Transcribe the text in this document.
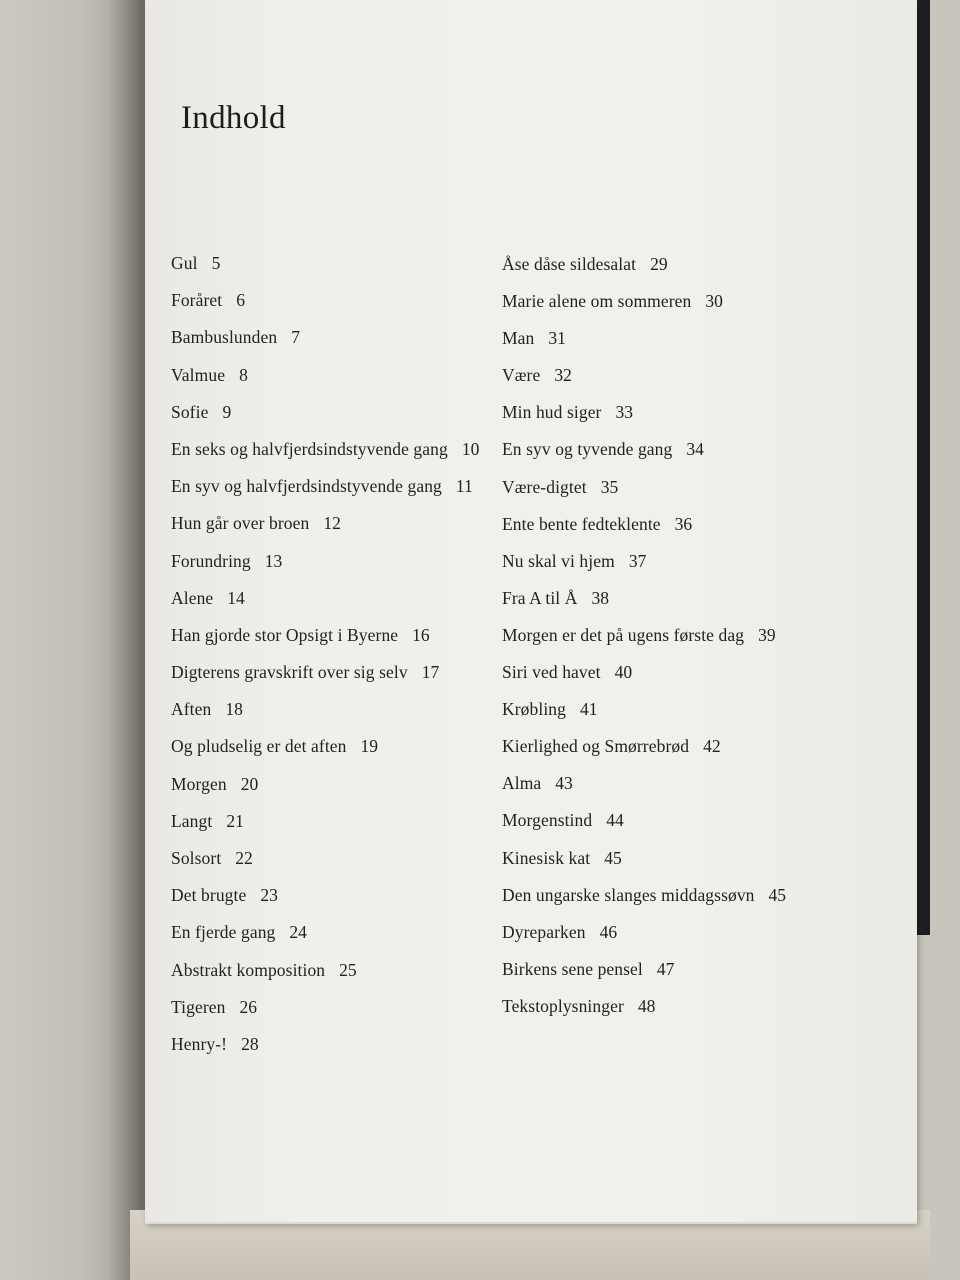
Indhold
Gul 5
Foråret 6
Bambuslunden 7
Valmue 8
Sofie 9
En seks og halvfjerdsindstyvende gang 10
En syv og halvfjerdsindstyvende gang 11
Hun går over broen 12
Forundring 13
Alene 14
Han gjorde stor Opsigt i Byerne 16
Digterens gravskrift over sig selv 17
Aften 18
Og pludselig er det aften 19
Morgen 20
Langt 21
Solsort 22
Det brugte 23
En fjerde gang 24
Abstrakt komposition 25
Tigeren 26
Henry-! 28
Åse dåse sildesalat 29
Marie alene om sommeren 30
Man 31
Være 32
Min hud siger 33
En syv og tyvende gang 34
Være-digtet 35
Ente bente fedteklente 36
Nu skal vi hjem 37
Fra A til Å 38
Morgen er det på ugens første dag 39
Siri ved havet 40
Krøbling 41
Kierlighed og Smørrebrød 42
Alma 43
Morgenstind 44
Kinesisk kat 45
Den ungarske slanges middagssøvn 45
Dyreparken 46
Birkens sene pensel 47
Tekstoplysninger 48
